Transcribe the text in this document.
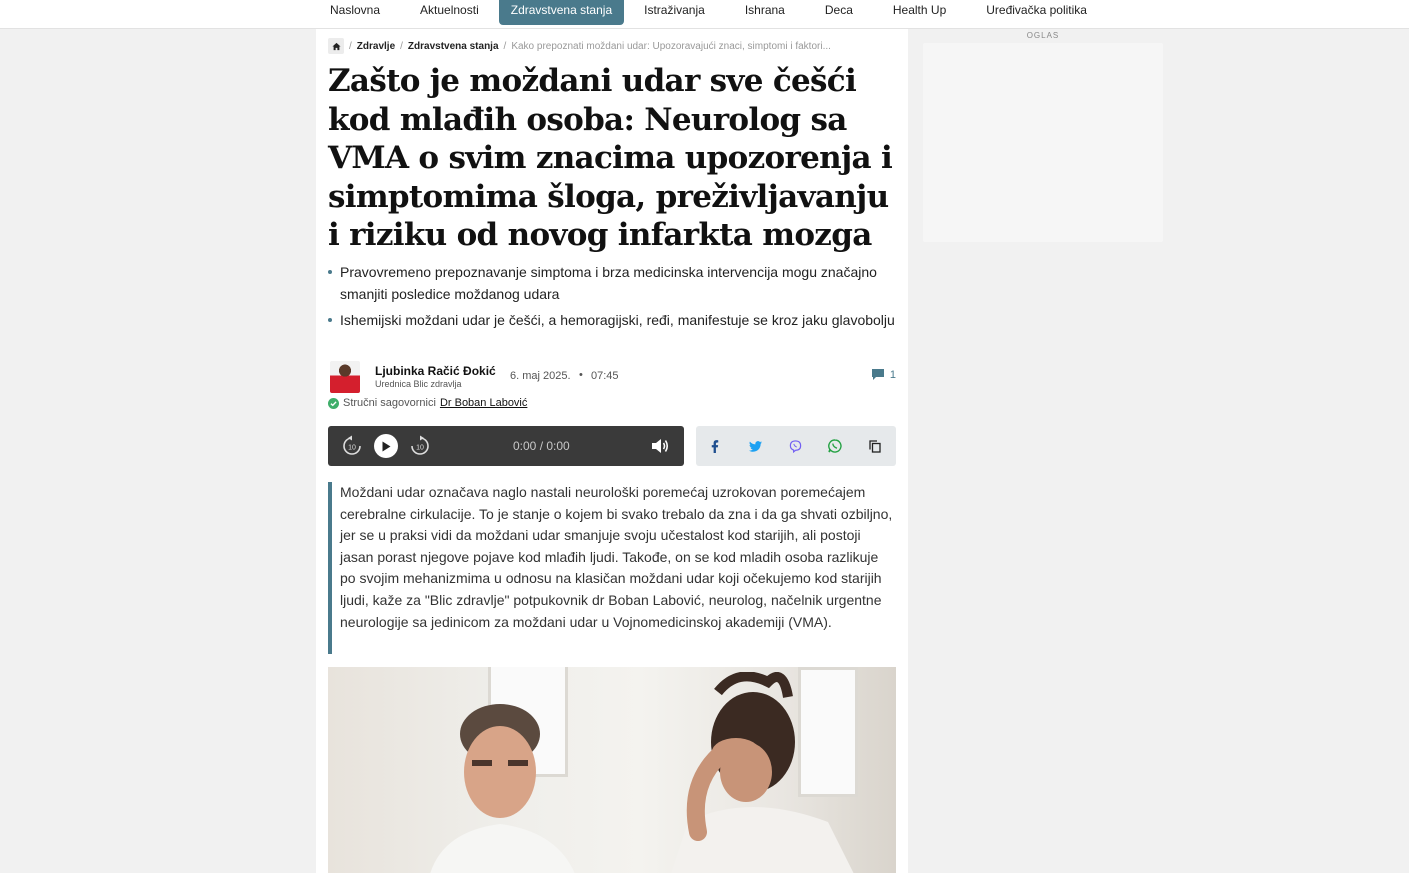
Naslovna	Aktuelnosti	Zdravstvena stanja	Istraživanja	Ishrana	Deca	Health Up	Uređivačka politika
/ Zdravlje / Zdravstvena stanja / Kako prepoznati moždani udar: Upozoravajući znaci, simptomi i faktori...
Zašto je moždani udar sve češći kod mlađih osoba: Neurolog sa VMA o svim znacima upozorenja i simptomima šloga, preživljavanju i riziku od novog infarkta mozga
Pravovremeno prepoznavanje simptoma i brza medicinska intervencija mogu značajno smanjiti posledice moždanog udara
Ishemijski moždani udar je češći, a hemoragijski, ređi, manifestuje se kroz jaku glavobolju
Ljubinka Račić Đokić
Urednica Blic zdravlja
6. maj 2025. • 07:45	1
Stručni sagovornici Dr Boban Labović
10	10	0:00 / 0:00

Moždani udar označava naglo nastali neurološki poremećaj uzrokovan poremećajem cerebralne cirkulacije. To je stanje o kojem bi svako trebalo da zna i da ga shvati ozbiljno, jer se u praksi vidi da moždani udar smanjuje svoju učestalost kod starijih, ali postoji jasan porast njegove pojave kod mlađih ljudi. Takođe, on se kod mladih osoba razlikuje po svojim mehanizmima u odnosu na klasičan moždani udar koji očekujemo kod starijih ljudi, kaže za "Blic zdravlje" potpukovnik dr Boban Labović, neurolog, načelnik urgentne neurologije sa jedinicom za moždani udar u Vojnomedicinskoj akademiji (VMA).

OGLAS
